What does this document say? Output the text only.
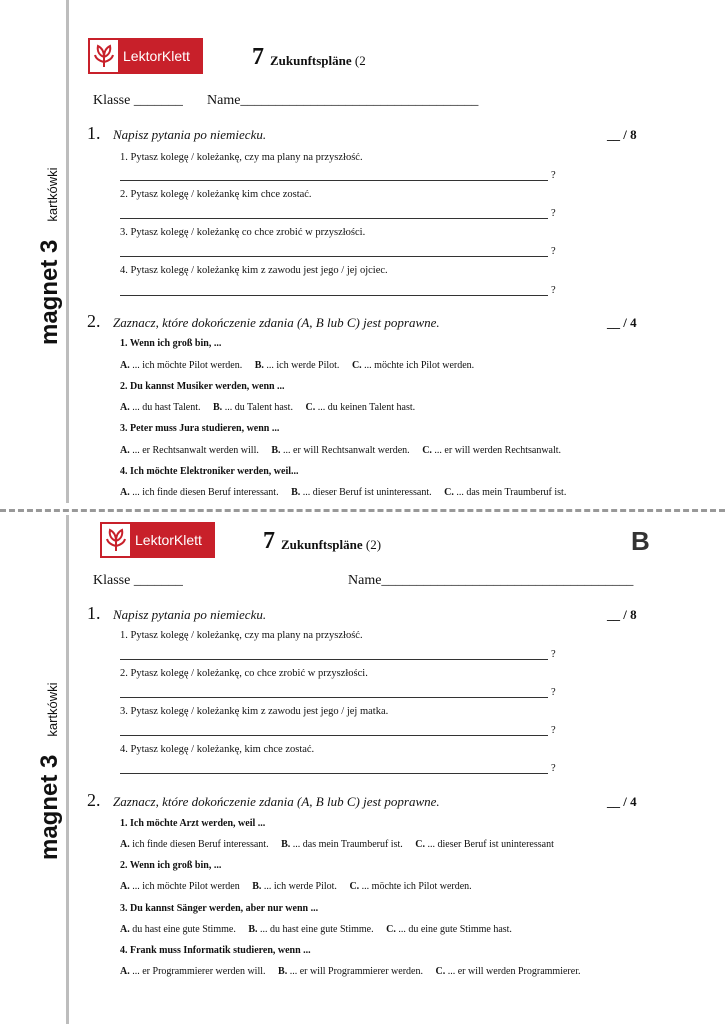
magnet 3kartkówki
LektorKlett	7 Zukunftspläne (2
Klasse _______ Name__________________________________
1. Napisz pytania po niemiecku.	__ / 8
1. Pytasz kolegę / koleżankę, czy ma plany na przyszłość.
?
2. Pytasz kolegę / koleżankę kim chce zostać.
?
3. Pytasz kolegę / koleżankę co chce zrobić w przyszłości.
?
4. Pytasz kolegę / koleżankę kim z zawodu jest jego / jej ojciec.
?
2. Zaznacz, które dokończenie zdania (A, B lub C) jest poprawne.	__ / 4
1. Wenn ich groß bin, ...
A. ... ich möchte Pilot werden. B. ... ich werde Pilot. C. ... möchte ich Pilot werden.
2. Du kannst Musiker werden, wenn ...
A. ... du hast Talent. B. ... du Talent hast. C. ... du keinen Talent hast.
3. Peter muss Jura studieren, wenn ...
A. ... er Rechtsanwalt werden will. B. ... er will Rechtsanwalt werden. C. ... er will werden Rechtsanwalt.
4. Ich möchte Elektroniker werden, weil...
A. ... ich finde diesen Beruf interessant. B. ... dieser Beruf ist uninteressant. C. ... das mein Traumberuf ist.
magnet 3kartkówki
LektorKlett	7 Zukunftspläne (2)	B
Klasse _______	Name____________________________________
1. Napisz pytania po niemiecku.	__ / 8
1. Pytasz kolegę / koleżankę, czy ma plany na przyszłość.
?
2. Pytasz kolegę / koleżankę, co chce zrobić w przyszłości.
?
3. Pytasz kolegę / koleżankę kim z zawodu jest jego / jej matka.
?
4. Pytasz kolegę / koleżankę, kim chce zostać.
?
2. Zaznacz, które dokończenie zdania (A, B lub C) jest poprawne.	__ / 4
1. Ich möchte Arzt werden, weil ...
A. ich finde diesen Beruf interessant. B. ... das mein Traumberuf ist. C. ... dieser Beruf ist uninteressant
2. Wenn ich groß bin, ...
A. ... ich möchte Pilot werden B. ... ich werde Pilot. C. ... möchte ich Pilot werden.
3. Du kannst Sänger werden, aber nur wenn ...
A. du hast eine gute Stimme. B. ... du hast eine gute Stimme. C. ... du eine gute Stimme hast.
4. Frank muss Informatik studieren, wenn ...
A. ... er Programmierer werden will. B. ... er will Programmierer werden. C. ... er will werden Programmierer.
